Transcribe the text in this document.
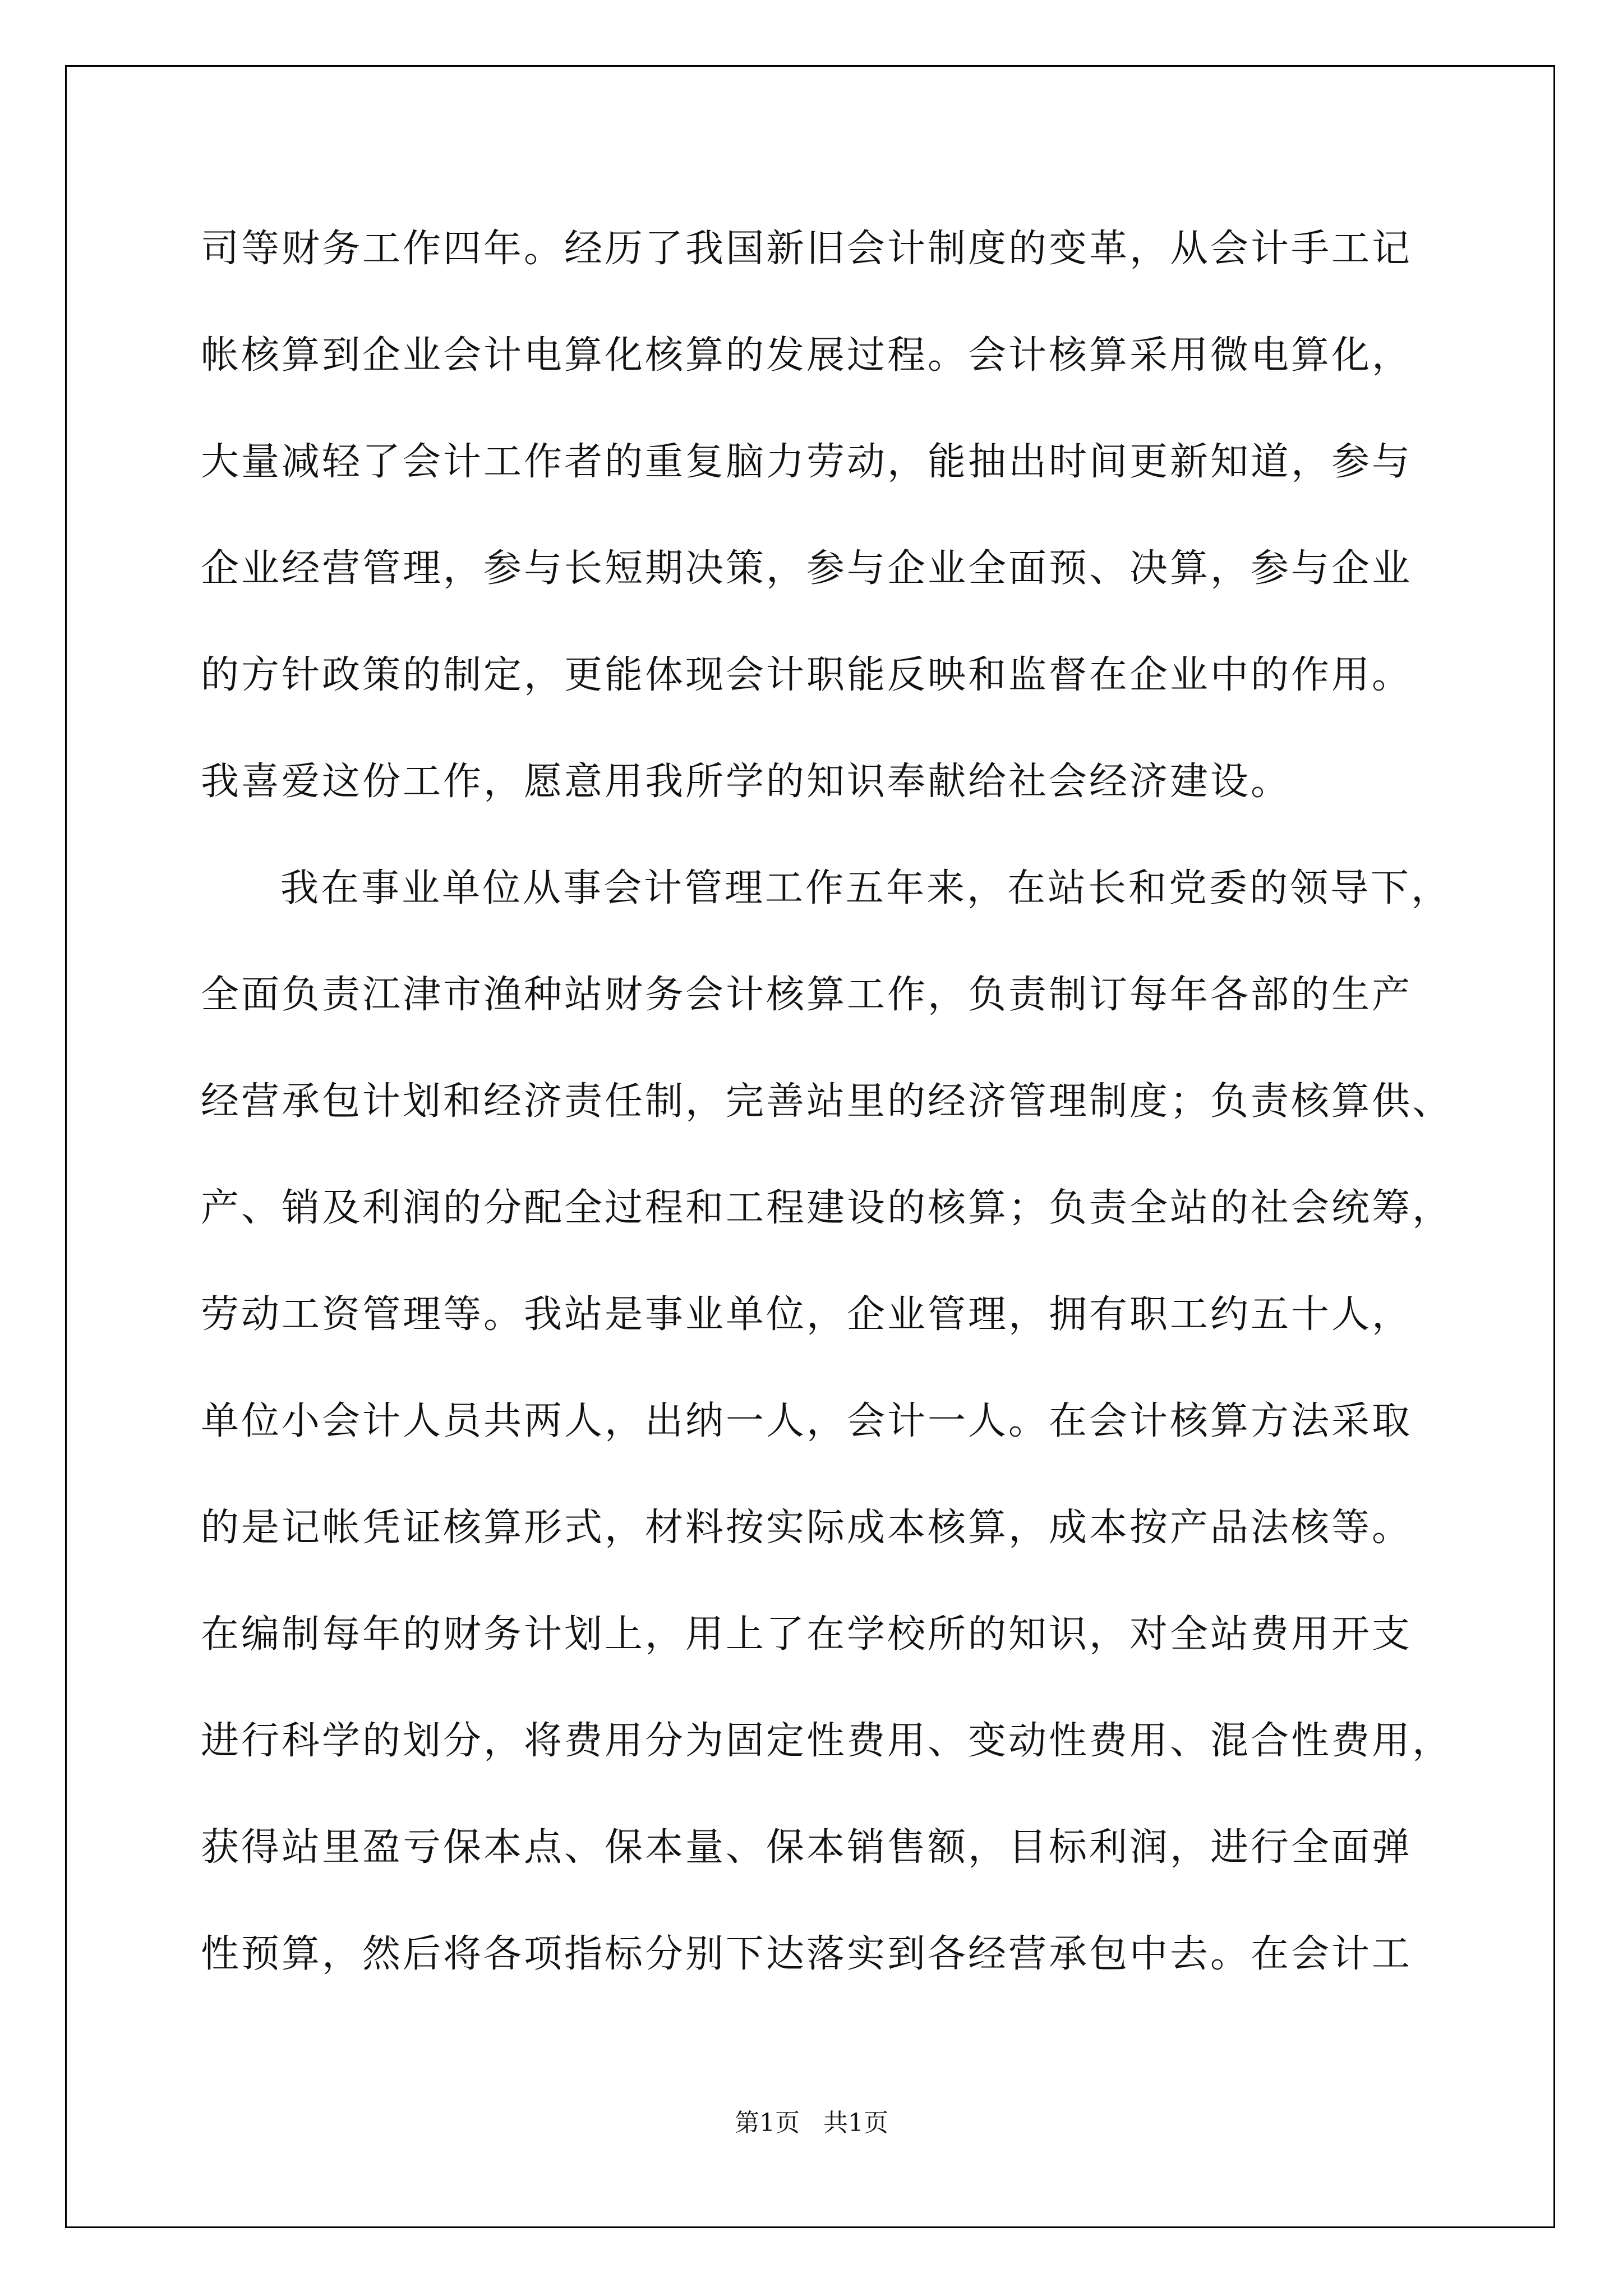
司等财务工作四年。经历了我国新旧会计制度的变革，从会计手工记
帐核算到企业会计电算化核算的发展过程。会计核算采用微电算化，
大量减轻了会计工作者的重复脑力劳动，能抽出时间更新知道，参与
企业经营管理，参与长短期决策，参与企业全面预、决算，参与企业
的方针政策的制定，更能体现会计职能反映和监督在企业中的作用。
我喜爱这份工作，愿意用我所学的知识奉献给社会经济建设。
我在事业单位从事会计管理工作五年来，在站长和党委的领导下，
全面负责江津市渔种站财务会计核算工作，负责制订每年各部的生产
经营承包计划和经济责任制，完善站里的经济管理制度；负责核算供、
产、销及利润的分配全过程和工程建设的核算；负责全站的社会统筹，
劳动工资管理等。我站是事业单位，企业管理，拥有职工约五十人，
单位小会计人员共两人，出纳一人，会计一人。在会计核算方法采取
的是记帐凭证核算形式，材料按实际成本核算，成本按产品法核等。
在编制每年的财务计划上，用上了在学校所的知识，对全站费用开支
进行科学的划分，将费用分为固定性费用、变动性费用、混合性费用，
获得站里盈亏保本点、保本量、保本销售额，目标利润，进行全面弹
性预算，然后将各项指标分别下达落实到各经营承包中去。在会计工
第1页   共1页
